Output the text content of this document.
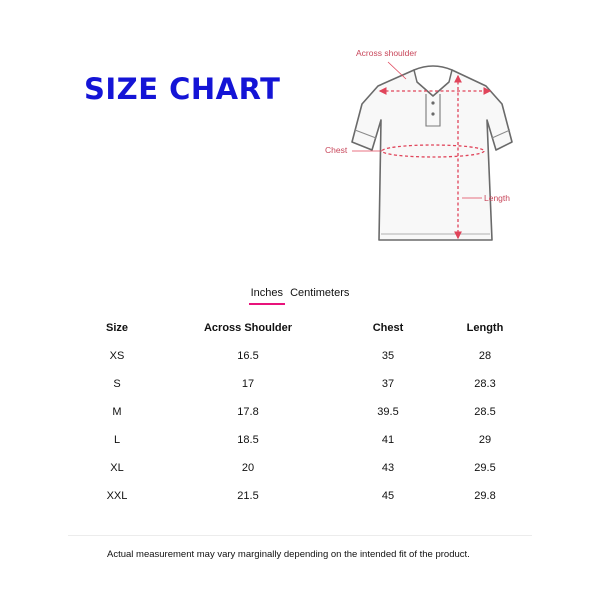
SIZE CHART
Across shoulder
Chest
Length
Inches Centimeters
Size	Across Shoulder	Chest	Length
XS	16.5	35	28
S	17	37	28.3
M	17.8	39.5	28.5
L	18.5	41	29
XL	20	43	29.5
XXL	21.5	45	29.8
Actual measurement may vary marginally depending on the intended fit of the product.
